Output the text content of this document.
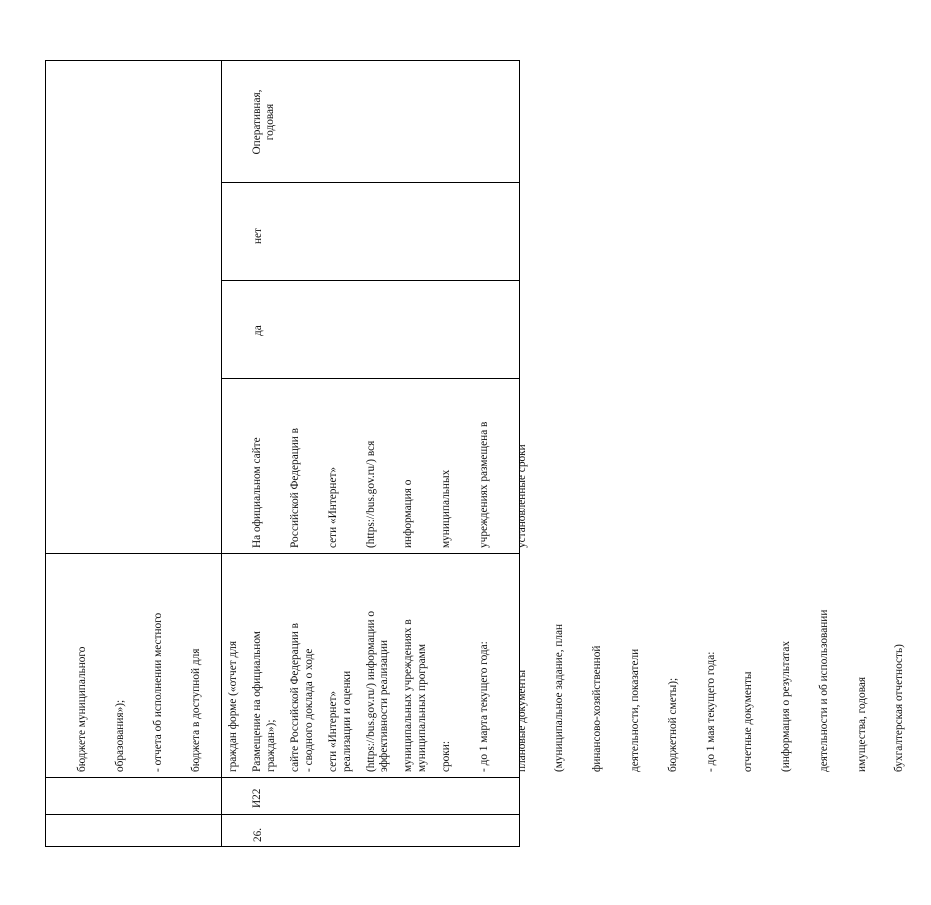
бюджете муниципального

образования»);

- отчета об исполнении местного

бюджета в доступной для

граждан форме («отчет для

граждан»);

- сводного доклада о ходе

реализации и оценки

эффективности реализации

муниципальных программ

Оперативная,
годовая

26.

И22

Размещение на официальном

сайте Российской Федерации в

сети «Интернет»

(https://bus.gov.ru/) информации о

муниципальных учреждениях в

сроки:

- до 1 марта текущего года:

плановые документы

(муниципальное задание, план

финансово-хозяйственной

деятельности, показатели

бюджетной сметы);

- до 1 мая текущего года:

отчетные документы

(информация о результатах

деятельности и об использовании

имущества, годовая

бухгалтерская отчетность)

На официальном сайте

Российской Федерации в

сети «Интернет»

(https://bus.gov.ru/) вся

информация о

муниципальных

учреждениях размещена в

установленные сроки

да

нет
